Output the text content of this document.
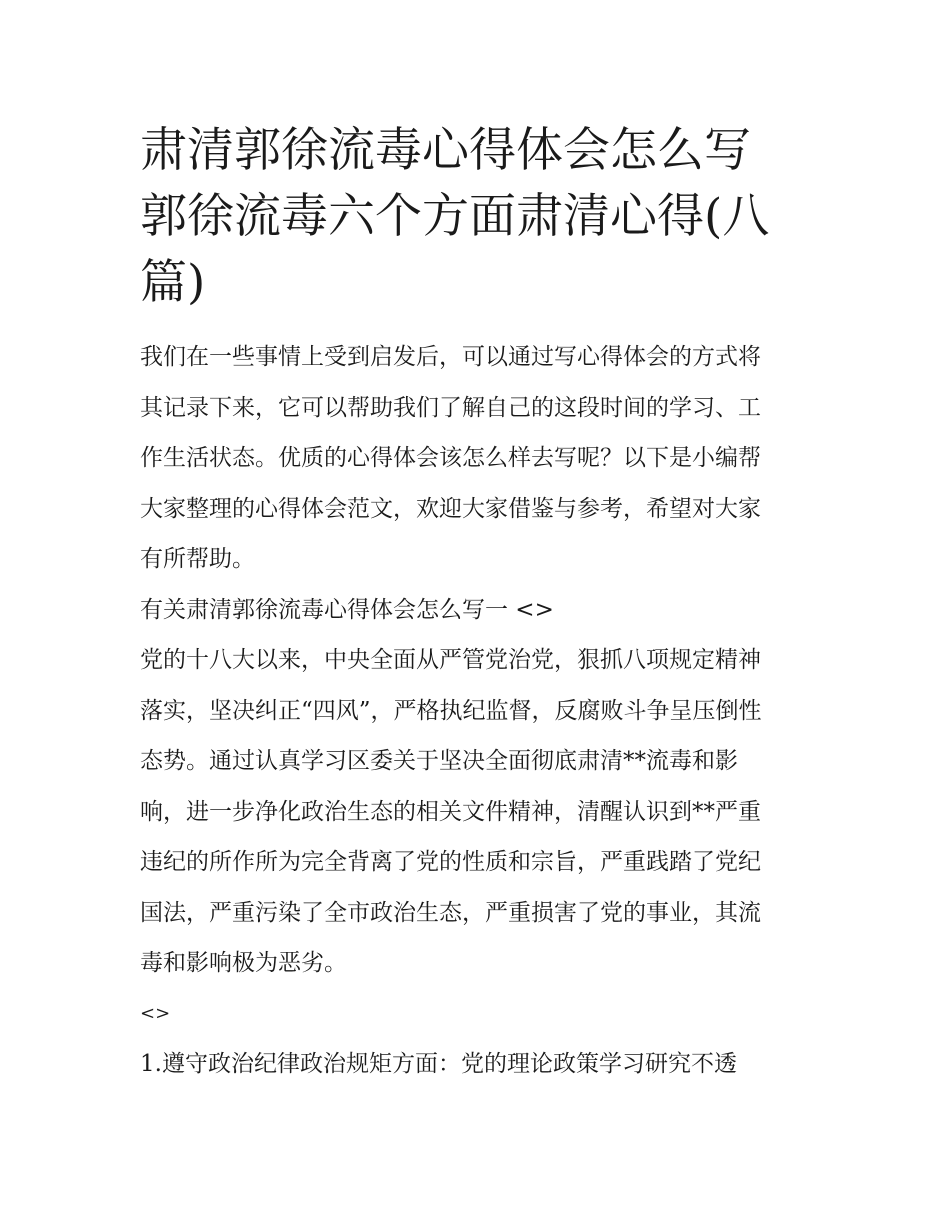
肃清郭徐流毒心得体会怎么写
郭徐流毒六个方面肃清心得(八
篇)

我们在一些事情上受到启发后，可以通过写心得体会的方式将

其记录下来，它可以帮助我们了解自己的这段时间的学习、工

作生活状态。优质的心得体会该怎么样去写呢？以下是小编帮

大家整理的心得体会范文，欢迎大家借鉴与参考，希望对大家

有所帮助。

有关肃清郭徐流毒心得体会怎么写一 <>

党的十八大以来，中央全面从严管党治党，狠抓八项规定精神

落实，坚决纠正“四风”，严格执纪监督，反腐败斗争呈压倒性

态势。通过认真学习区委关于坚决全面彻底肃清**流毒和影

响，进一步净化政治生态的相关文件精神，清醒认识到**严重

违纪的所作所为完全背离了党的性质和宗旨，严重践踏了党纪

国法，严重污染了全市政治生态，严重损害了党的事业，其流

毒和影响极为恶劣。

<>

1.遵守政治纪律政治规矩方面：党的理论政策学习研究不透
